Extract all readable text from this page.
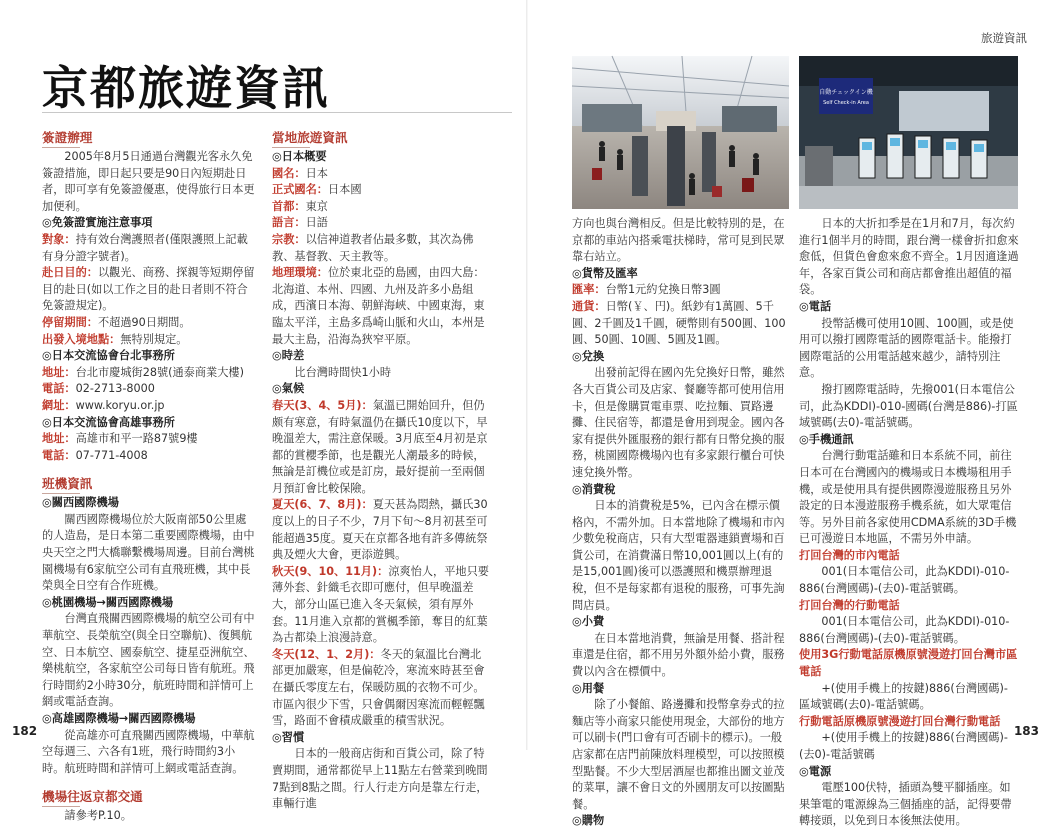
京都旅遊資訊
簽證辦理

2005年8月5日通過台灣觀光客永久免簽證措施，即日起只要是90日內短期赴日者，即可享有免簽證優惠，使得旅行日本更加便利。

◎免簽證實施注意事項

對象：持有效台灣護照者(僅限護照上記載有身分證字號者)。

赴日目的：以觀光、商務、探親等短期停留目的赴日(如以工作之目的赴日者則不符合免簽證規定)。

停留期間：不超過90日期間。

出發入境地點：無特別規定。

◎日本交流協會台北事務所

地址：台北市慶城街28號(通泰商業大樓)

電話：02-2713-8000

網址：www.koryu.or.jp

◎日本交流協會高雄事務所

地址：高雄市和平一路87號9樓

電話：07-771-4008

班機資訊

◎關西國際機場

關西國際機場位於大阪南部50公里處的人造島，是日本第二重要國際機場，由中央天空之門大橋聯繫機場周邊。目前台灣桃園機場有6家航空公司有直飛班機，其中長榮與全日空有合作班機。

◎桃園機場→關西國際機場

台灣直飛關西國際機場的航空公司有中華航空、長榮航空(與全日空聯航)、復興航空、日本航空、國泰航空、捷星亞洲航空、樂桃航空，各家航空公司每日皆有航班。飛行時間約2小時30分，航班時間和詳情可上網或電話查詢。

◎高雄國際機場→關西國際機場

從高雄亦可直飛關西國際機場，中華航空每週三、六各有1班，飛行時間約3小時。航班時間和詳情可上網或電話查詢。

機場往返京都交通

請參考P.10。

當地旅遊資訊

◎日本概要

國名：日本

正式國名：日本國

首都：東京

語言：日語

宗教：以信神道教者佔最多數，其次為佛教、基督教、天主教等。

地理環境：位於東北亞的島國，由四大島：北海道、本州、四國、九州及許多小島組成，西濱日本海、朝鮮海峽、中國東海，東臨太平洋，主島多爲崎山脈和火山，本州是最大主島，沿海為狹窄平原。

◎時差

比台灣時間快1小時

◎氣候

春天(3、4、5月)：氣溫已開始回升，但仍颇有寒意，有時氣溫仍在攝氏10度以下，早晚溫差大，需注意保暖。3月底至4月初是京都的賞櫻季節，也是觀光人潮最多的時候，無論是訂機位或是訂房，最好提前一至兩個月預訂會比較保險。

夏天(6、7、8月)：夏天甚為悶熱，攝氏30度以上的日子不少，7月下旬～8月初甚至可能超過35度。夏天在京都各地有許多傳統祭典及煙火大會，更添遊興。

秋天(9、10、11月)：涼爽怡人，平地只要薄外套、針織毛衣即可應付，但早晚溫差大，部分山區已進入冬天氣候，須有厚外套。11月進入京都的賞楓季節，奪目的紅葉為古都染上浪漫詩意。

冬天(12、1、2月)：冬天的氣溫比台灣北部更加嚴寒，但是偏乾冷，寒流來時甚至會在攝氏零度左右，保暖防風的衣物不可少。市區內很少下雪，只會偶爾因寒流而輕輕飄雪，路面不會積成嚴重的積雪狀況。

◎習慣

日本的一般商店街和百貨公司，除了特賣期間，通常都從早上11點左右營業到晚間7點到8點之間。行人行走方向是靠左行走，車輛行進

182
旅遊資訊
自動チェックイン機
Self Check-in Area

方向也與台灣相反。但是比較特別的是，在京都的車站內搭乘電扶梯時，常可見到民眾靠右站立。

◎貨幣及匯率

匯率：台幣1元約兌換日幣3圓

通貨：日幣(￥、円)。紙鈔有1萬圓、5千圓、2千圓及1千圓，硬幣則有500圓、100圓、50圓、10圓、5圓及1圓。

◎兌換

出發前記得在國內先兌換好日幣，雖然各大百貨公司及店家、餐廳等都可使用信用卡，但是像購買電車票、吃拉麵、買路邊攤、住民宿等，都還是會用到現金。國內各家有提供外匯服務的銀行都有日幣兌換的服務，桃園國際機場內也有多家銀行櫃台可快速兌換外幣。

◎消費稅

日本的消費稅是5%，已內含在標示價格內，不需外加。日本當地除了機場和市內少數免稅商店，只有大型電器連鎖賣場和百貨公司，在消費滿日幣10,001圓以上(有的是15,001圓)後可以憑護照和機票辦理退稅，但不是每家都有退稅的服務，可事先詢問店員。

◎小費

在日本當地消費，無論是用餐、搭計程車還是住宿，都不用另外額外給小費，服務費以內含在標價中。

◎用餐

除了小餐館、路邊攤和投幣拿券式的拉麵店等小商家只能使用現金，大部份的地方可以刷卡(門口會有可否刷卡的標示)。一般店家都在店門前陳放料理模型，可以按照模型點餐。不少大型居酒屋也都推出圖文並茂的菜單，讓不會日文的外國朋友可以按圖點餐。

◎購物

日本的大折扣季是在1月和7月，每次約進行1個半月的時間，跟台灣一樣會折扣愈來愈低，但貨色會愈來愈不齊全。1月因適逢過年，各家百貨公司和商店都會推出超值的福袋。

◎電話

投幣話機可使用10圓、100圓，或是使用可以撥打國際電話的國際電話卡。能撥打國際電話的公用電話越來越少，請特別注意。

撥打國際電話時，先撥001(日本電信公司，此為KDDI)-010-國碼(台灣是886)-打區域號碼(去0)-電話號碼。

◎手機通訊

台灣行動電話雖和日本系統不同，前往日本可在台灣國內的機場或日本機場租用手機，或是使用具有提供國際漫遊服務且另外設定的日本漫遊服務手機系統，如大眾電信等。另外目前各家使用CDMA系統的3D手機已可漫遊日本地區，不需另外申請。

打回台灣的市內電話

001(日本電信公司，此為KDDI)-010-886(台灣國碼)-(去0)-電話號碼。

打回台灣的行動電話

001(日本電信公司，此為KDDI)-010-886(台灣國碼)-(去0)-電話號碼。

使用3G行動電話原機原號漫遊打回台灣市區電話

+(使用手機上的按鍵)886(台灣國碼)-區域號碼(去0)-電話號碼。

行動電話原機原號漫遊打回台灣行動電話

+(使用手機上的按鍵)886(台灣國碼)-(去0)-電話號碼

◎電源

電壓100伏特，插頭為雙平腳插座。如果筆電的電源線為三個插座的話，記得要帶轉接頭，以免到日本後無法使用。

183
